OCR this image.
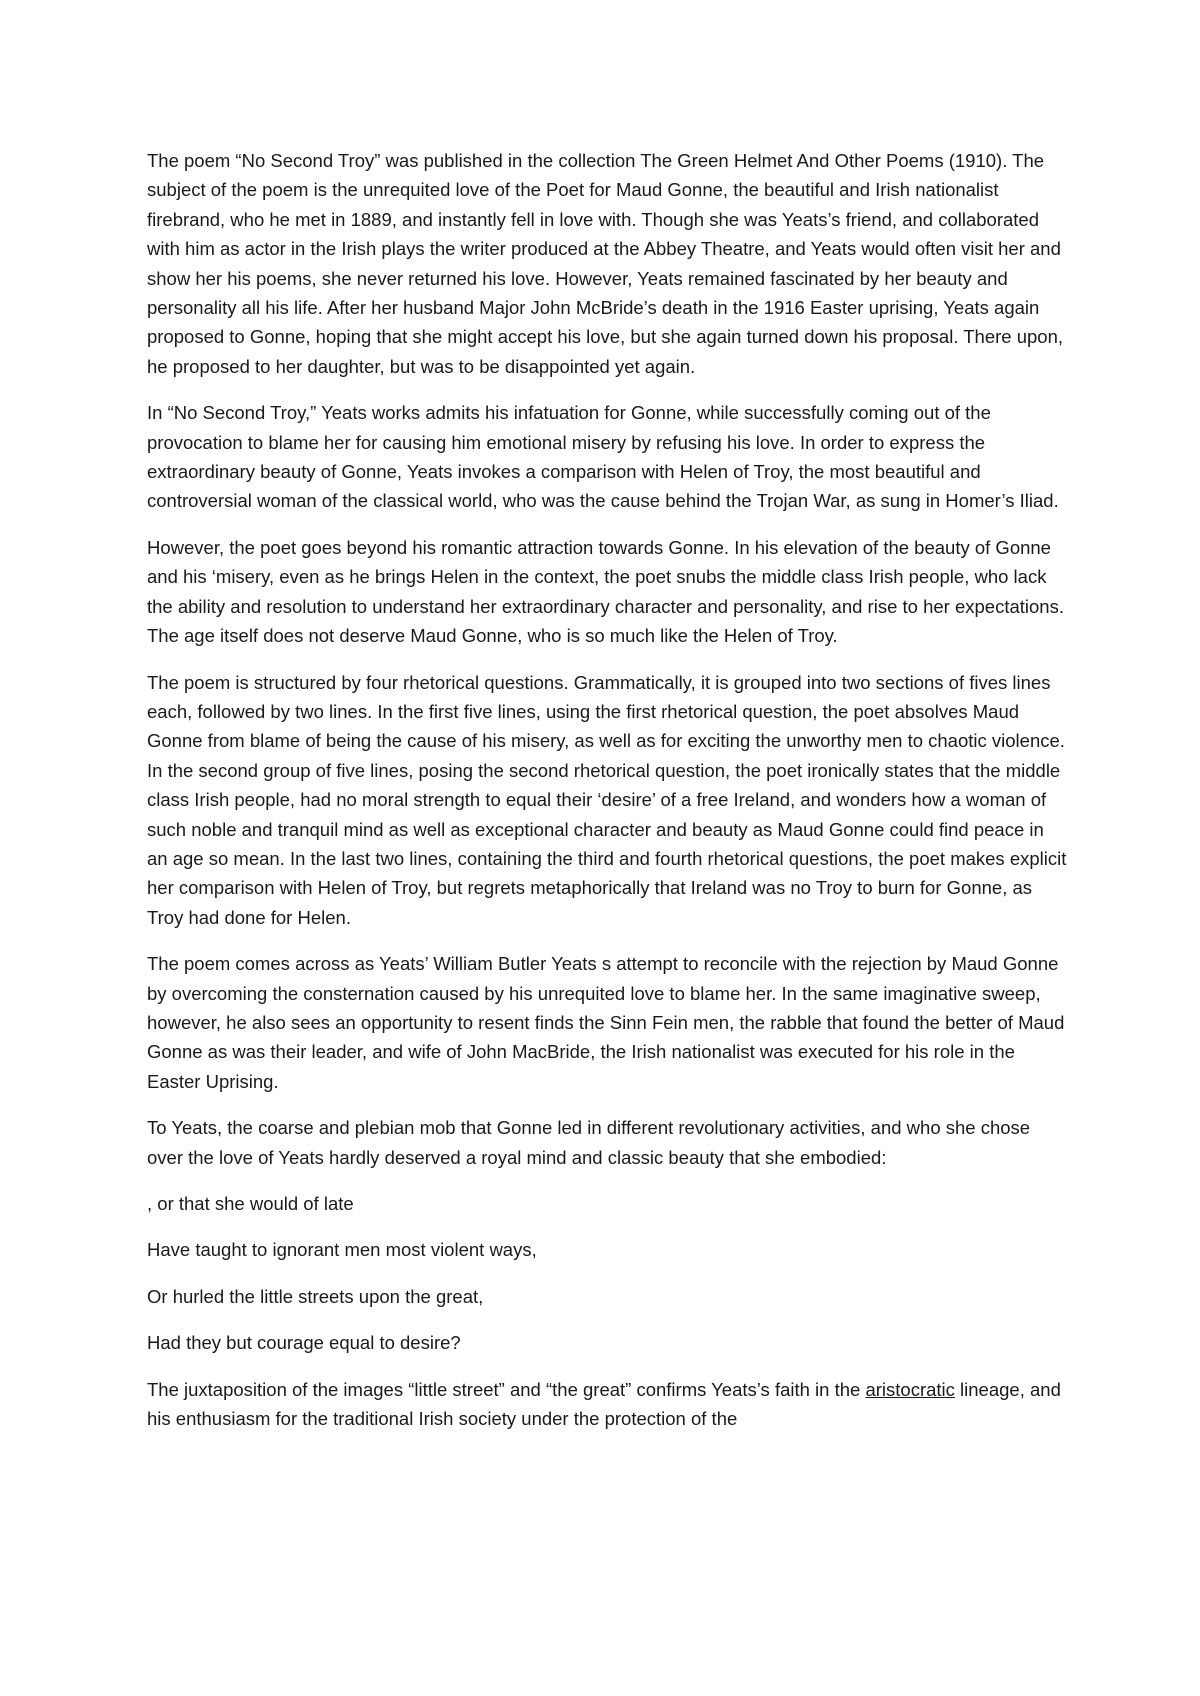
The poem “No Second Troy” was published in the collection The Green Helmet And Other Poems (1910). The subject of the poem is the unrequited love of the Poet for Maud Gonne, the beautiful and Irish nationalist firebrand, who he met in 1889, and instantly fell in love with. Though she was Yeats’s friend, and collaborated with him as actor in the Irish plays the writer produced at the Abbey Theatre, and Yeats would often visit her and show her his poems, she never returned his love. However, Yeats remained fascinated by her beauty and personality all his life. After her husband Major John McBride’s death in the 1916 Easter uprising, Yeats again proposed to Gonne, hoping that she might accept his love, but she again turned down his proposal. There upon, he proposed to her daughter, but was to be disappointed yet again.

In “No Second Troy,” Yeats works admits his infatuation for Gonne, while successfully coming out of the provocation to blame her for causing him emotional misery by refusing his love. In order to express the extraordinary beauty of Gonne, Yeats invokes a comparison with Helen of Troy, the most beautiful and controversial woman of the classical world, who was the cause behind the Trojan War, as sung in Homer’s Iliad.

However, the poet goes beyond his romantic attraction towards Gonne. In his elevation of the beauty of Gonne and his ‘misery, even as he brings Helen in the context, the poet snubs the middle class Irish people, who lack the ability and resolution to understand her extraordinary character and personality, and rise to her expectations. The age itself does not deserve Maud Gonne, who is so much like the Helen of Troy.

The poem is structured by four rhetorical questions. Grammatically, it is grouped into two sections of fives lines each, followed by two lines. In the first five lines, using the first rhetorical question, the poet absolves Maud Gonne from blame of being the cause of his misery, as well as for exciting the unworthy men to chaotic violence. In the second group of five lines, posing the second rhetorical question, the poet ironically states that the middle class Irish people, had no moral strength to equal their ‘desire’ of a free Ireland, and wonders how a woman of such noble and tranquil mind as well as exceptional character and beauty as Maud Gonne could find peace in an age so mean. In the last two lines, containing the third and fourth rhetorical questions, the poet makes explicit her comparison with Helen of Troy, but regrets metaphorically that Ireland was no Troy to burn for Gonne, as Troy had done for Helen.

The poem comes across as Yeats’ William Butler Yeats s attempt to reconcile with the rejection by Maud Gonne by overcoming the consternation caused by his unrequited love to blame her. In the same imaginative sweep, however, he also sees an opportunity to resent finds the Sinn Fein men, the rabble that found the better of Maud Gonne as was their leader, and wife of John MacBride, the Irish nationalist was executed for his role in the Easter Uprising.

To Yeats, the coarse and plebian mob that Gonne led in different revolutionary activities, and who she chose over the love of Yeats hardly deserved a royal mind and classic beauty that she embodied:

, or that she would of late

Have taught to ignorant men most violent ways,

Or hurled the little streets upon the great,

Had they but courage equal to desire?

The juxtaposition of the images “little street” and “the great” confirms Yeats’s faith in the aristocratic lineage, and his enthusiasm for the traditional Irish society under the protection of the
